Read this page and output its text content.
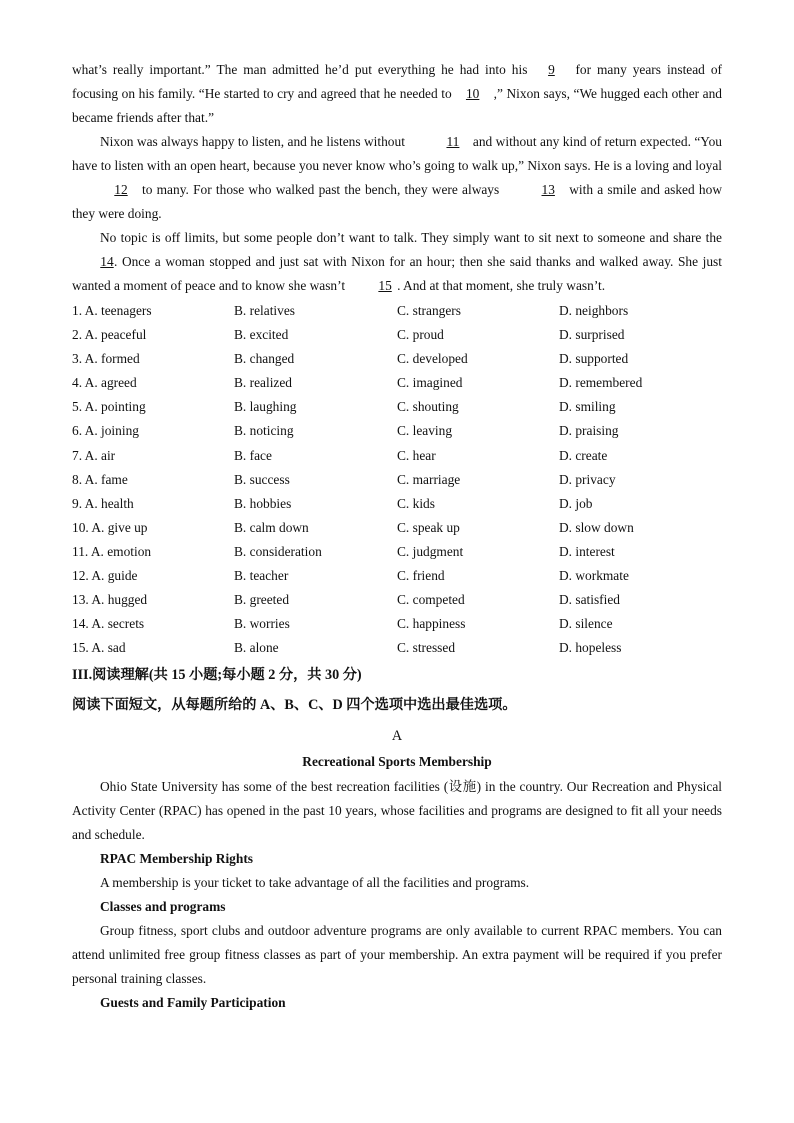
what’s really important.” The man admitted he’d put everything he had into his 9 for many years instead of focusing on his family. “He started to cry and agreed that he needed to 10 ,” Nixon says, “We hugged each other and became friends after that.”

Nixon was always happy to listen, and he listens without	11 and without any kind of return expected. “You have to listen with an open heart, because you never know who’s going to walk up,” Nixon says. He is a loving and loyal12 to many. For those who walked past the bench, they were always	13 with a smile and asked how they were doing.

No topic is off limits, but some people don’t want to talk. They simply want to sit next to someone and share the14. Once a woman stopped and just sat with Nixon for an hour; then she said thanks and walked away. She just wanted a moment of peace and to know she wasn’t 15 . And at that moment, she truly wasn’t.

1. A. teenagers	B. relatives	C. strangers	D. neighbors
2. A. peaceful	B. excited	C. proud	D. surprised
3. A. formed	B. changed	C. developed	D. supported
4. A. agreed	B. realized	C. imagined	D. remembered
5. A. pointing	B. laughing	C. shouting	D. smiling
6. A. joining	B. noticing	C. leaving	D. praising
7. A. air	B. face	C. hear	D. create
8. A. fame	B. success	C. marriage	D. privacy
9. A. health	B. hobbies	C. kids	D. job
10. A. give up	B. calm down	C. speak up	D. slow down
11. A. emotion	B. consideration	C. judgment	D. interest
12. A. guide	B. teacher	C. friend	D. workmate
13. A. hugged	B. greeted	C. competed	D. satisfied
14. A. secrets	B. worries	C. happiness	D. silence
15. A. sad	B. alone	C. stressed	D. hopeless
III.阅读理解(共 15 小题;每小题 2 分，共 30 分)
阅读下面短文，从每题所给的 A、B、C、D 四个选项中选出最佳选项。
A
Recreational Sports Membership

Ohio State University has some of the best recreation facilities (设施) in the country. Our Recreation and Physical Activity Center (RPAC) has opened in the past 10 years, whose facilities and programs are designed to fit all your needs and schedule.

RPAC Membership Rights

A membership is your ticket to take advantage of all the facilities and programs.

Classes and programs

Group fitness, sport clubs and outdoor adventure programs are only available to current RPAC members. You can attend unlimited free group fitness classes as part of your membership. An extra payment will be required if you prefer personal training classes.

Guests and Family Participation
